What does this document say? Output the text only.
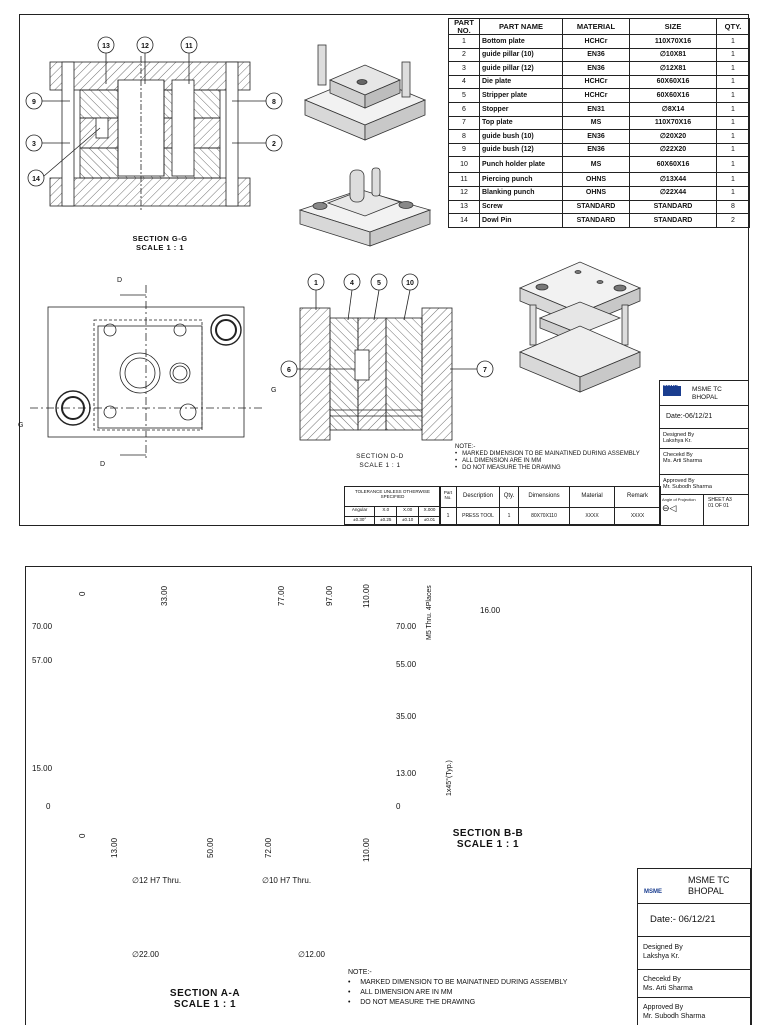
1	4	5	10
6	7
13	12	11
9	8
3	2
14
D
D
G
G
SECTION G-G
SCALE 1 : 1
SECTION D-D
SCALE 1 : 1
PART NO.	PART NAME	MATERIAL	SIZE	QTY.
1	Bottom plate	HCHCr	110X70X16	1
2	guide pillar (10)	EN36	∅10X81	1
3	guide pillar (12)	EN36	∅12X81	1
4	Die plate	HCHCr	60X60X16	1
5	Stripper plate	HCHCr	60X60X16	1
6	Stopper	EN31	∅8X14	1
7	Top plate	MS	110X70X16	1
8	guide bush (10)	EN36	∅20X20	1
9	guide bush (12)	EN36	∅22X20	1
10	Punch holder plate	MS	60X60X16	1
11	Piercing punch	OHNS	∅13X44	1
12	Blanking punch	OHNS	∅22X44	1
13	Screw	STANDARD	STANDARD	8
14	Dowl Pin	STANDARD	STANDARD	2
NOTE:-
•   MARKED DIMENSION TO BE MAINATINED DURING ASSEMBLY
•   ALL DIMENSION ARE IN MM
•   DO NOT MEASURE THE DRAWING
TOLERANCE UNLESS OTHERWISE SPECIFIED
Angular	X.0	X.00	X.000
±0.30°	±0.25	±0.10	±0.01
Part No.	Description	Qty.	Dimensions	Material	Remark
1	PRESS TOOL	1	80X70X110	XXXX	XXXX
MSME MSME TC BHOPAL
Date:-06/12/21
Designed By
Lakshya Kr.
Checekd By
Ms. Arti Sharma
Approved By
Mr. Subodh Sharma
Angle of Projection
⊖◁
SHEET A3
01 OF 01
0	33.00	77.00	97.00	110.00
0
13.00	50.00	72.00	110.00
70.00
57.00
15.00
0
70.00
55.00
35.00
13.00
0
M5 Thru. 4Places	16.00
1x45°(Typ.)
SECTION B-B
SCALE 1 : 1
∅12 H7 Thru.	∅10 H7 Thru.
∅22.00	∅12.00
SECTION A-A
SCALE 1 : 1
NOTE:-
•     MARKED DIMENSION TO BE MAINATINED DURING ASSEMBLY
•     ALL DIMENSION ARE IN MM
•     DO NOT MEASURE THE DRAWING
MSME
MSME TC BHOPAL
Date:- 06/12/21
Designed By
Lakshya Kr.
Checekd By
Ms. Arti Sharma
Approved By
Mr. Subodh Sharma
